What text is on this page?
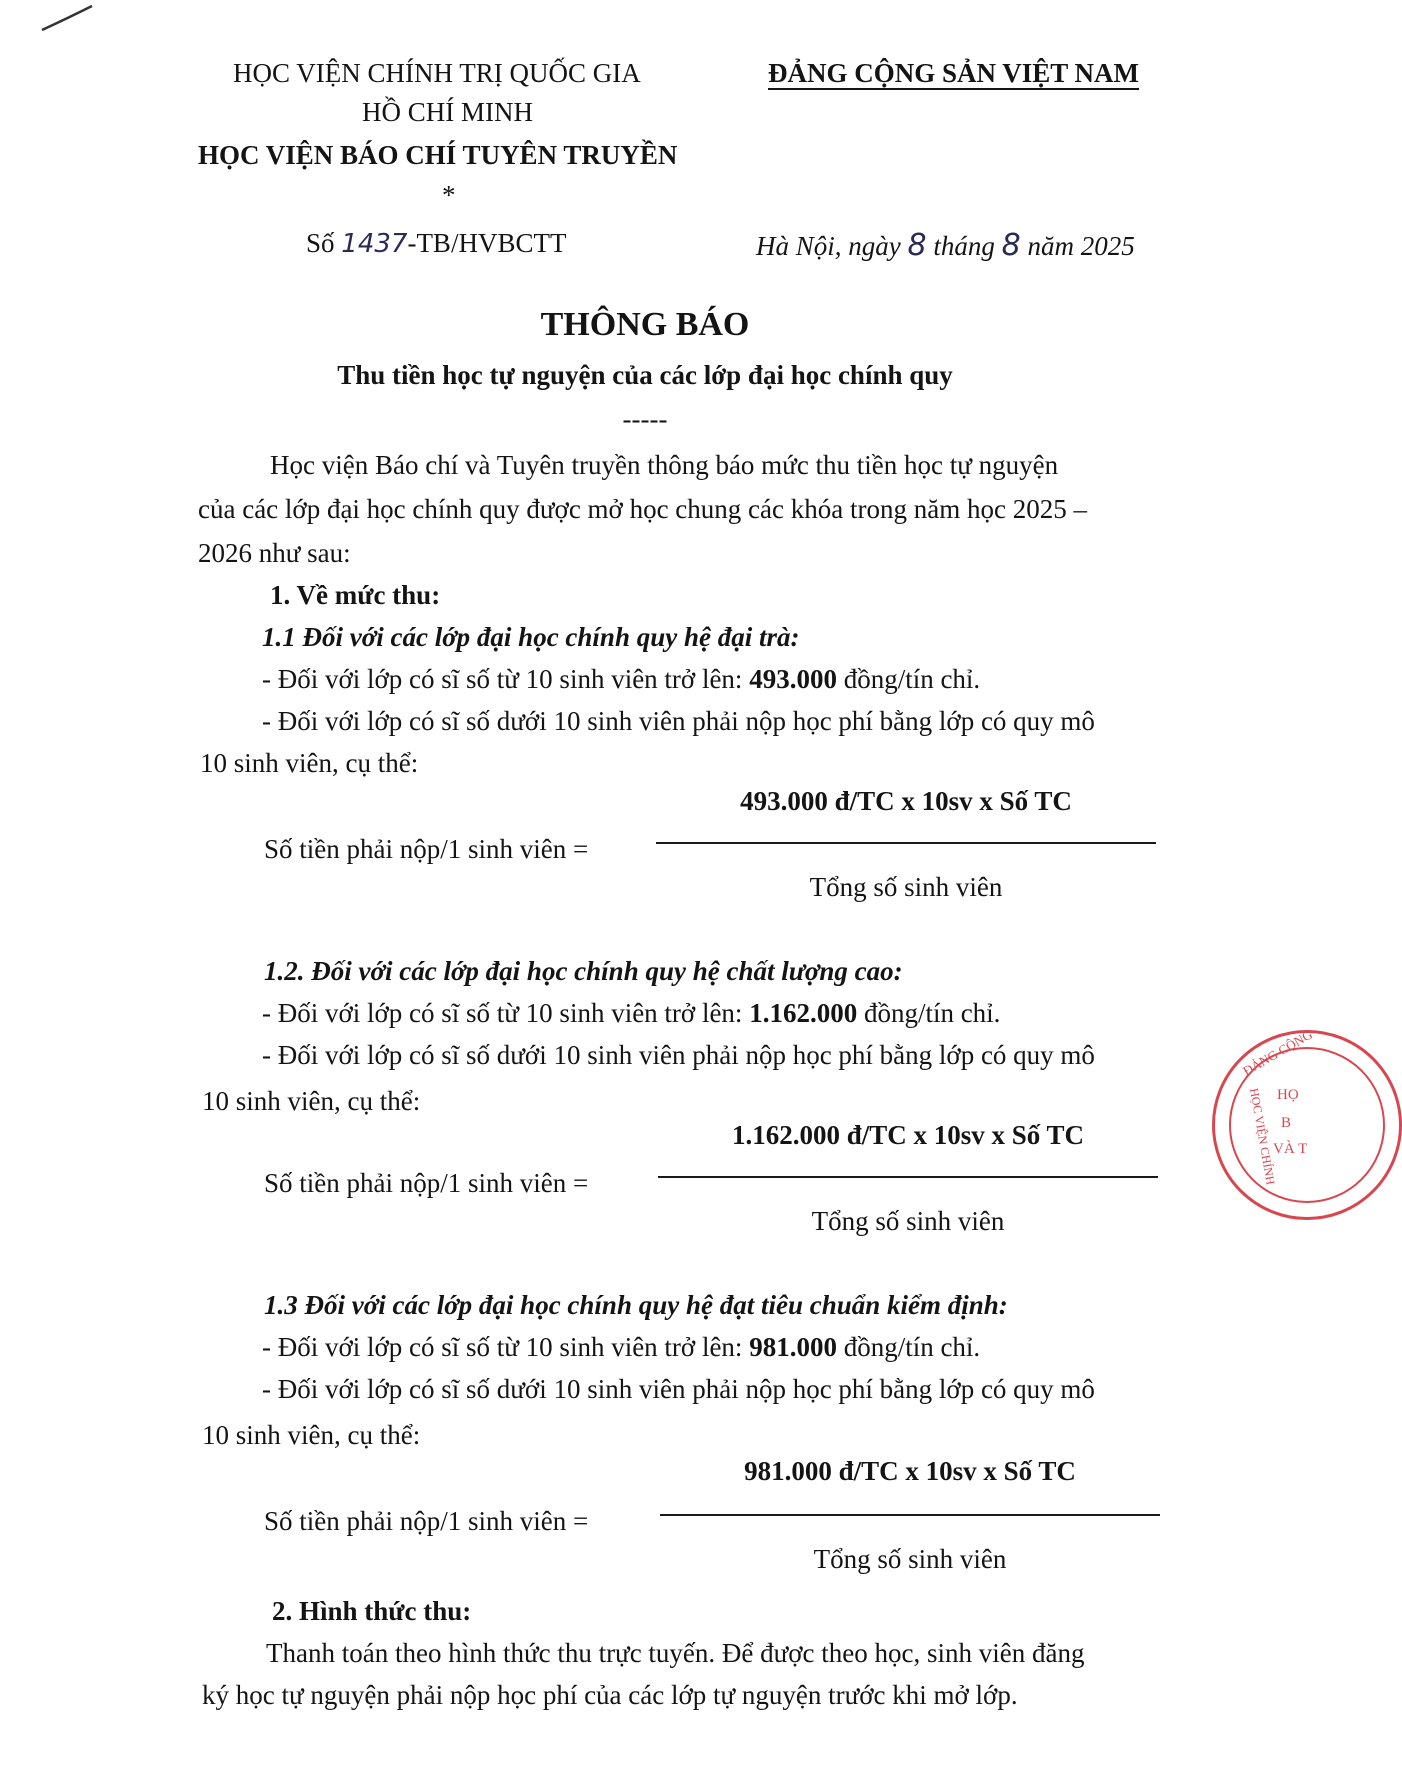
HỌC VIỆN CHÍNH TRỊ QUỐC GIA
HỒ CHÍ MINH
HỌC VIỆN BÁO CHÍ TUYÊN TRUYỀN
*
ĐẢNG CỘNG SẢN VIỆT NAM
Số 1437-TB/HVBCTT	Hà Nội, ngày 8 tháng 8 năm 2025
THÔNG BÁO
Thu tiền học tự nguyện của các lớp đại học chính quy
-----
Học viện Báo chí và Tuyên truyền thông báo mức thu tiền học tự nguyện
của các lớp đại học chính quy được mở học chung các khóa trong năm học 2025 –
2026 như sau:
1. Về mức thu:
1.1 Đối với các lớp đại học chính quy hệ đại trà:
- Đối với lớp có sĩ số từ 10 sinh viên trở lên: 493.000 đồng/tín chỉ.
- Đối với lớp có sĩ số dưới 10 sinh viên phải nộp học phí bằng lớp có quy mô
10 sinh viên, cụ thể:
Số tiền phải nộp/1 sinh viên =
493.000 đ/TC x 10sv x Số TC
Tổng số sinh viên
1.2. Đối với các lớp đại học chính quy hệ chất lượng cao:
- Đối với lớp có sĩ số từ 10 sinh viên trở lên: 1.162.000 đồng/tín chỉ.
- Đối với lớp có sĩ số dưới 10 sinh viên phải nộp học phí bằng lớp có quy mô
10 sinh viên, cụ thể:
Số tiền phải nộp/1 sinh viên =
1.162.000 đ/TC x 10sv x Số TC
Tổng số sinh viên
1.3 Đối với các lớp đại học chính quy hệ đạt tiêu chuẩn kiểm định:
- Đối với lớp có sĩ số từ 10 sinh viên trở lên: 981.000 đồng/tín chỉ.
- Đối với lớp có sĩ số dưới 10 sinh viên phải nộp học phí bằng lớp có quy mô
10 sinh viên, cụ thể:
Số tiền phải nộp/1 sinh viên =
981.000 đ/TC x 10sv x Số TC
Tổng số sinh viên
2. Hình thức thu:
Thanh toán theo hình thức thu trực tuyến. Để được theo học, sinh viên đăng
ký học tự nguyện phải nộp học phí của các lớp tự nguyện trước khi mở lớp.
ĐẢNG CỘNG
HỌC VIỆN CHÍNH HỌ
B
VÀ T
